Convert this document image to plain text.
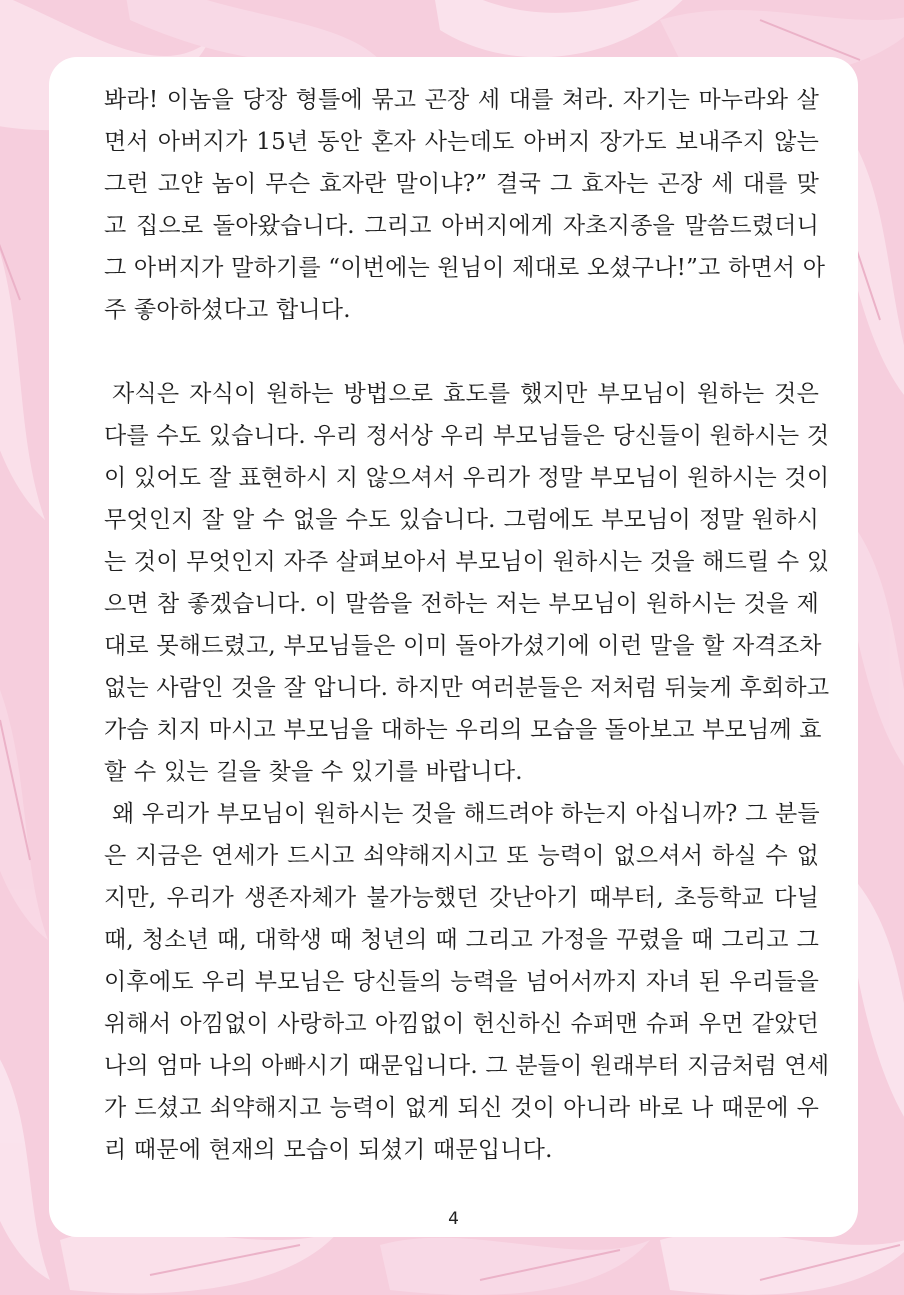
봐라! 이놈을 당장 형틀에 묶고 곤장 세 대를 쳐라. 자기는 마누라와 살
면서 아버지가 15년 동안 혼자 사는데도 아버지 장가도 보내주지 않는
그런 고얀 놈이 무슨 효자란 말이냐?” 결국 그 효자는 곤장 세 대를 맞
고 집으로 돌아왔습니다. 그리고 아버지에게 자초지종을 말씀드렸더니
그 아버지가 말하기를 “이번에는 원님이 제대로 오셨구나!”고 하면서 아
주 좋아하셨다고 합니다.
자식은 자식이 원하는 방법으로 효도를 했지만 부모님이 원하는 것은
다를 수도 있습니다. 우리 정서상 우리 부모님들은 당신들이 원하시는 것
이 있어도 잘 표현하시 지 않으셔서 우리가 정말 부모님이 원하시는 것이
무엇인지 잘 알 수 없을 수도 있습니다. 그럼에도 부모님이 정말 원하시
는 것이 무엇인지 자주 살펴보아서 부모님이 원하시는 것을 해드릴 수 있
으면 참 좋겠습니다. 이 말씀을 전하는 저는 부모님이 원하시는 것을 제
대로 못해드렸고, 부모님들은 이미 돌아가셨기에 이런 말을 할 자격조차
없는 사람인 것을 잘 압니다. 하지만 여러분들은 저처럼 뒤늦게 후회하고
가슴 치지 마시고 부모님을 대하는 우리의 모습을 돌아보고 부모님께 효
할 수 있는 길을 찾을 수 있기를 바랍니다.
왜 우리가 부모님이 원하시는 것을 해드려야 하는지 아십니까? 그 분들
은 지금은 연세가 드시고 쇠약해지시고 또 능력이 없으셔서 하실 수 없
지만, 우리가 생존자체가 불가능했던 갓난아기 때부터, 초등학교 다닐
때, 청소년 때, 대학생 때 청년의 때 그리고 가정을 꾸렸을 때 그리고 그
이후에도 우리 부모님은 당신들의 능력을 넘어서까지 자녀 된 우리들을
위해서 아낌없이 사랑하고 아낌없이 헌신하신 슈퍼맨 슈퍼 우먼 같았던
나의 엄마 나의 아빠시기 때문입니다. 그 분들이 원래부터 지금처럼 연세
가 드셨고 쇠약해지고 능력이 없게 되신 것이 아니라 바로 나 때문에 우
리 때문에 현재의 모습이 되셨기 때문입니다.
4
